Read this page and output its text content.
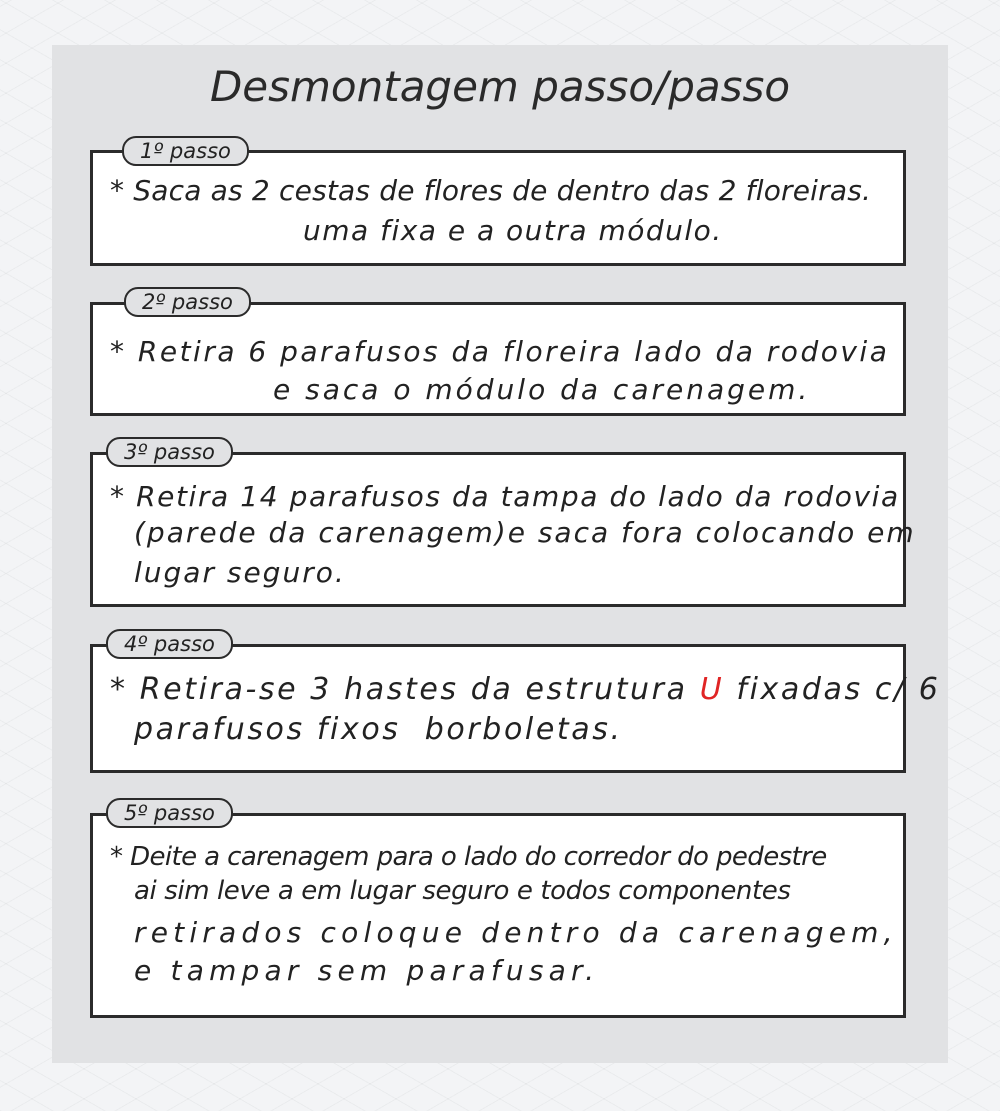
Desmontagem passo/passo
1º passo

* Saca as 2 cestas de flores de dentro das 2 floreiras.

uma fixa e a outra módulo.

2º passo

* Retira 6 parafusos da floreira lado da rodovia

e saca o módulo da carenagem.

3º passo

* Retira 14 parafusos da tampa do lado da rodovia

(parede da carenagem)e saca fora colocando em

lugar seguro.

4º passo

* Retira-se 3 hastes da estrutura U fixadas c/ 6

parafusos fixos  borboletas.

5º passo

* Deite a carenagem para o lado do corredor do pedestre

ai sim leve a em lugar seguro e todos componentes

retirados coloque dentro da carenagem,

e tampar sem parafusar.
